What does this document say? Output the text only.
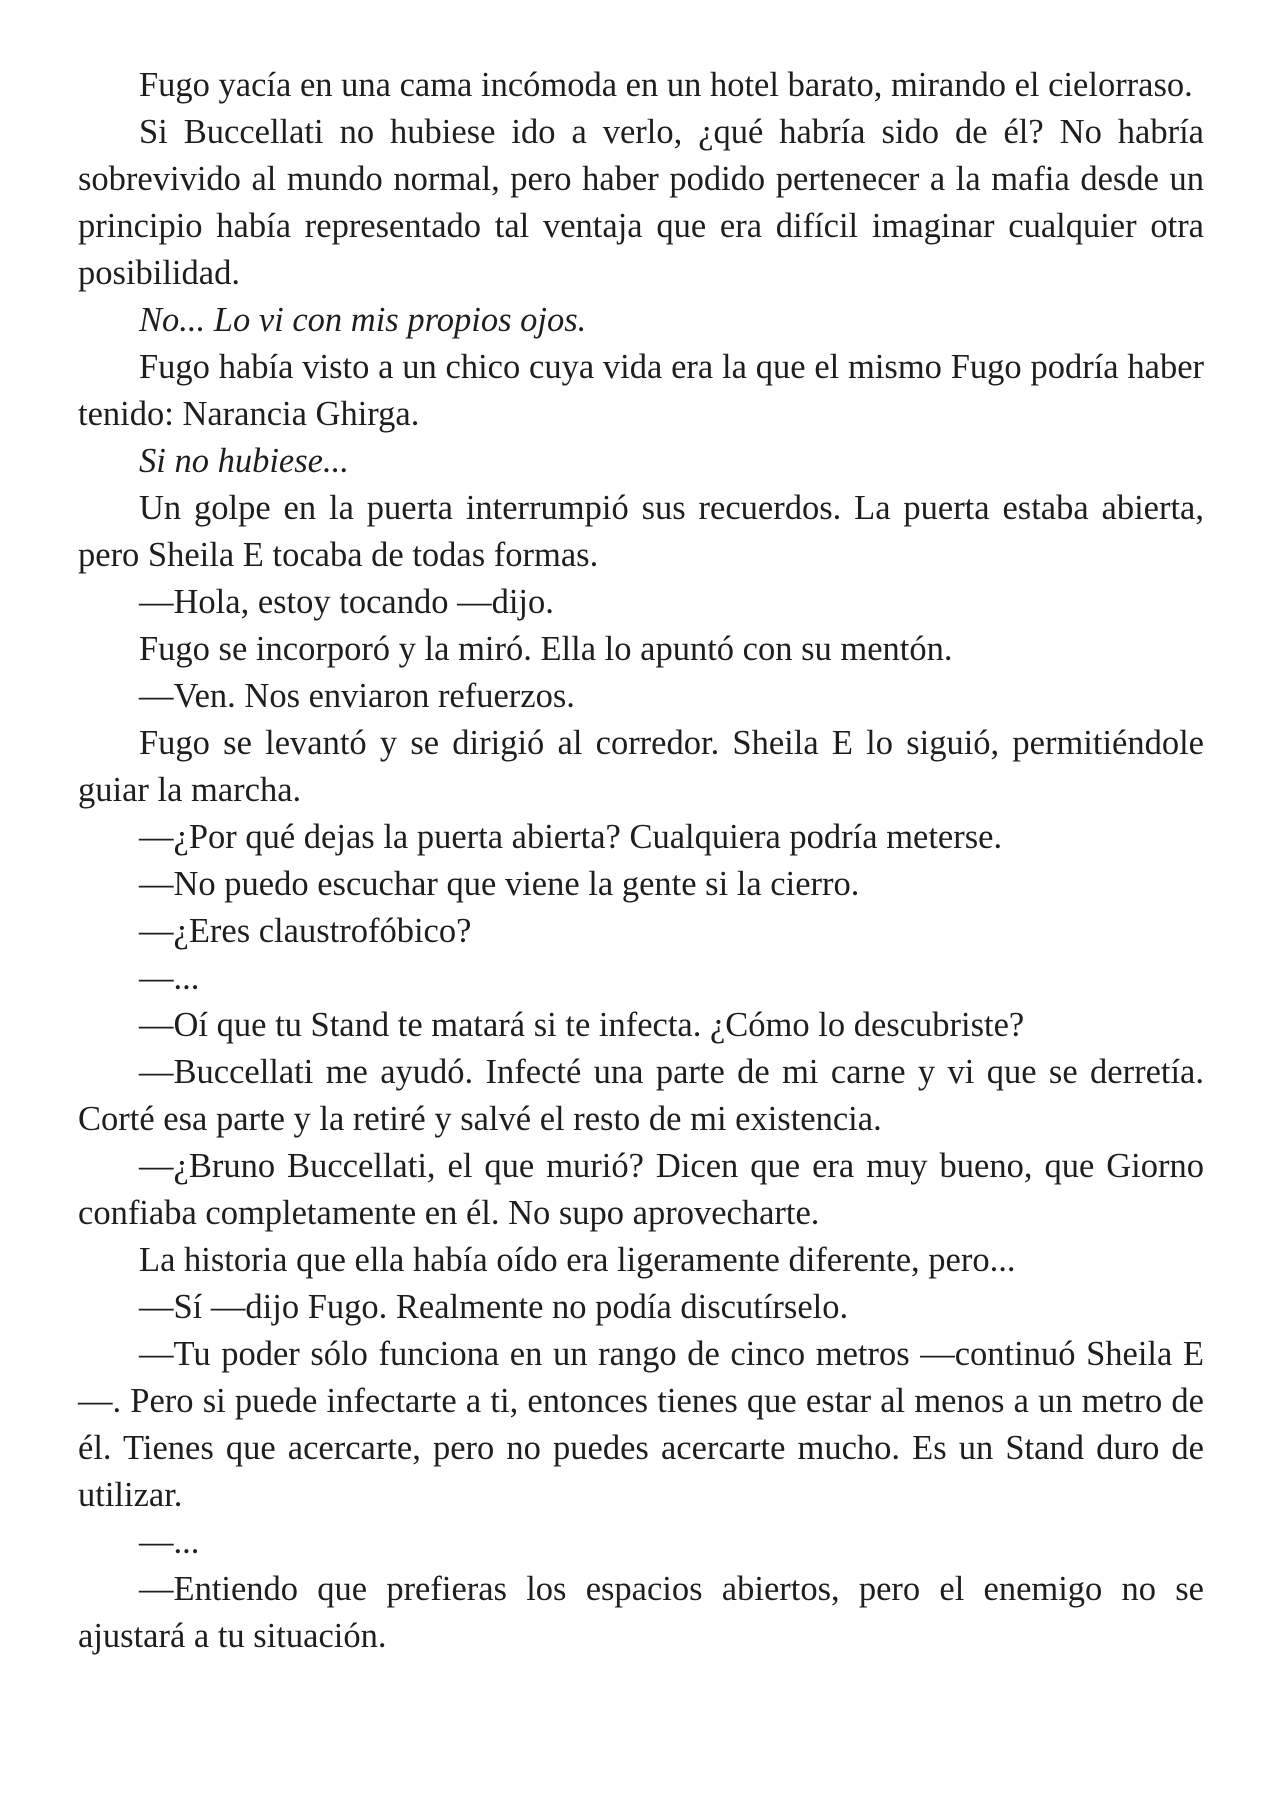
Fugo yacía en una cama incómoda en un hotel barato, mirando el cielorraso.

Si Buccellati no hubiese ido a verlo, ¿qué habría sido de él? No habría sobrevivido al mundo normal, pero haber podido pertenecer a la mafia desde un principio había representado tal ventaja que era difícil imaginar cualquier otra posibilidad.

No... Lo vi con mis propios ojos.

Fugo había visto a un chico cuya vida era la que el mismo Fugo podría haber tenido: Narancia Ghirga.

Si no hubiese...

Un golpe en la puerta interrumpió sus recuerdos. La puerta estaba abierta, pero Sheila E tocaba de todas formas.

—Hola, estoy tocando —dijo.

Fugo se incorporó y la miró. Ella lo apuntó con su mentón.

—Ven. Nos enviaron refuerzos.

Fugo se levantó y se dirigió al corredor. Sheila E lo siguió, permitiéndole guiar la marcha.

—¿Por qué dejas la puerta abierta? Cualquiera podría meterse.

—No puedo escuchar que viene la gente si la cierro.

—¿Eres claustrofóbico?

—...

—Oí que tu Stand te matará si te infecta. ¿Cómo lo descubriste?

—Buccellati me ayudó. Infecté una parte de mi carne y vi que se derretía. Corté esa parte y la retiré y salvé el resto de mi existencia.

—¿Bruno Buccellati, el que murió? Dicen que era muy bueno, que Giorno confiaba completamente en él. No supo aprovecharte.

La historia que ella había oído era ligeramente diferente, pero...

—Sí —dijo Fugo. Realmente no podía discutírselo.

—Tu poder sólo funciona en un rango de cinco metros —continuó Sheila E—. Pero si puede infectarte a ti, entonces tienes que estar al menos a un metro de él. Tienes que acercarte, pero no puedes acercarte mucho. Es un Stand duro de utilizar.

—...

—Entiendo que prefieras los espacios abiertos, pero el enemigo no se ajustará a tu situación.
